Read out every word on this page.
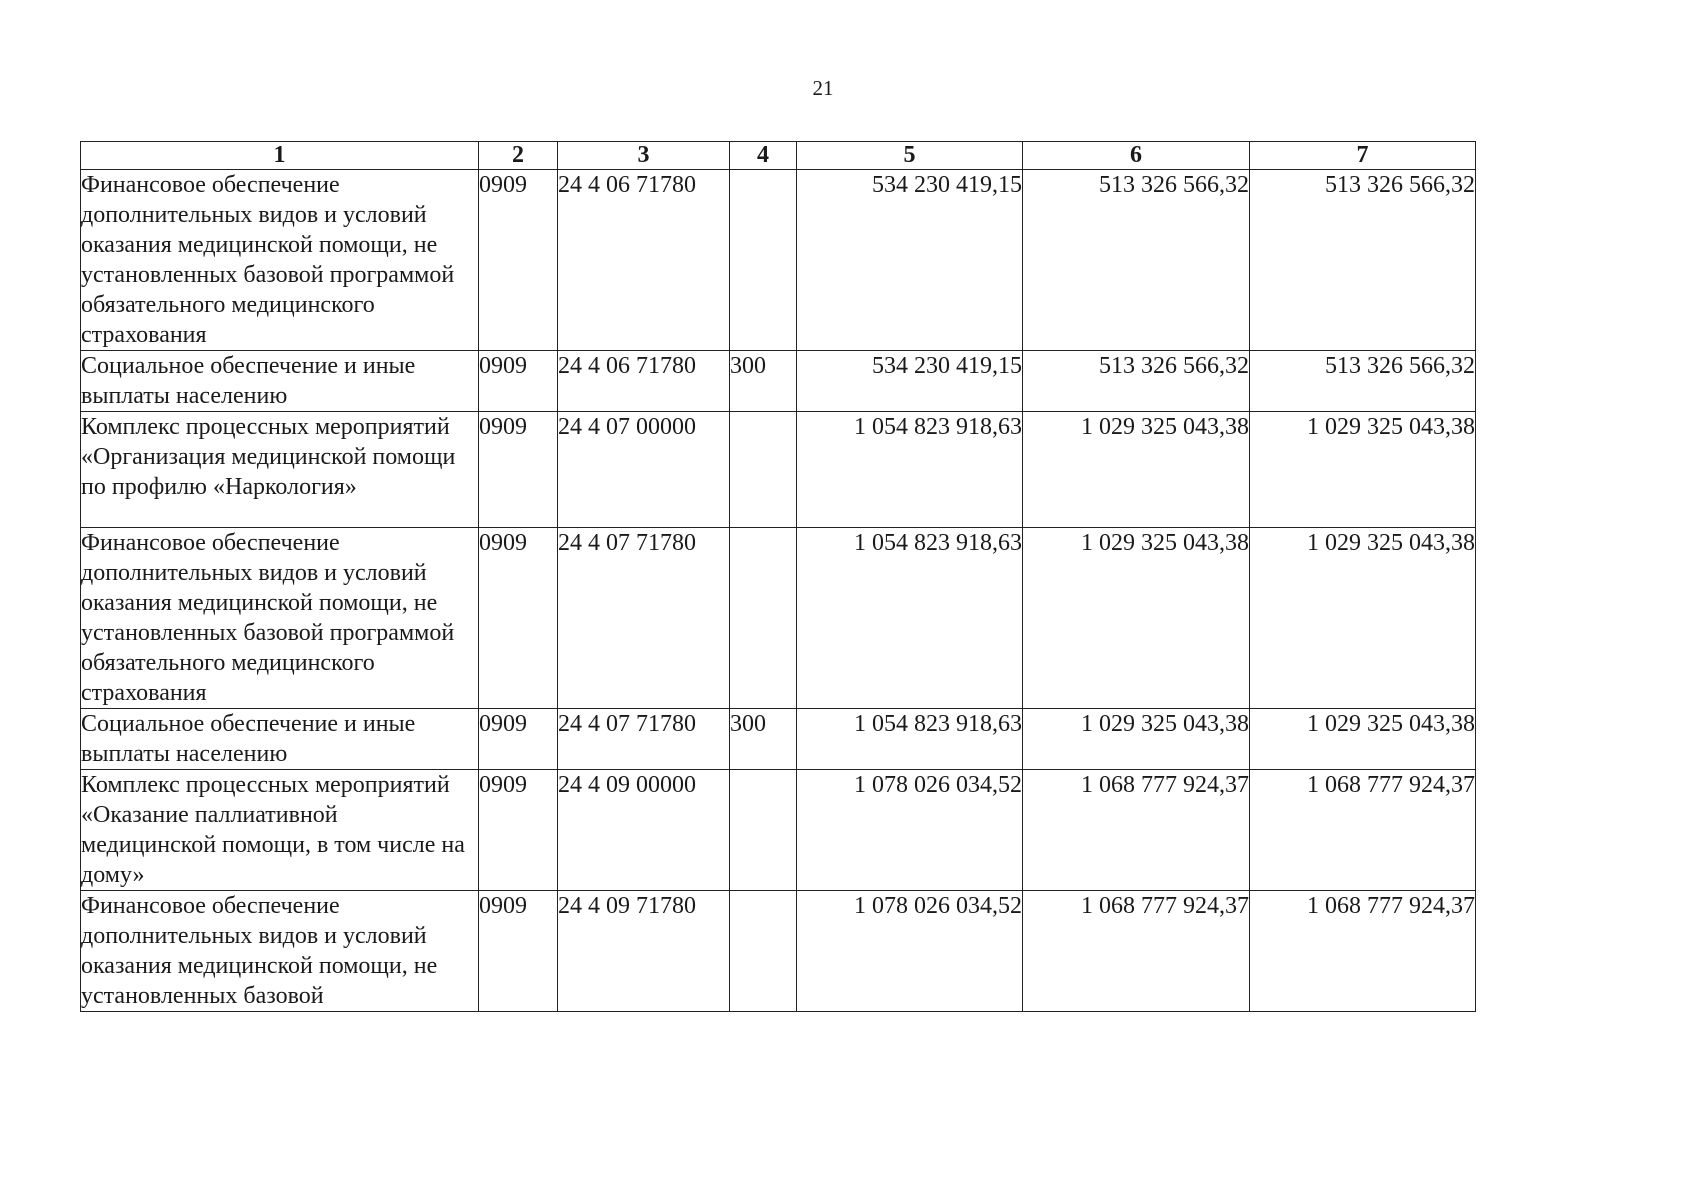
21
1	2	3	4	5	6	7
Финансовое обеспечение дополнительных видов и условий оказания медицинской помощи, не установленных базовой программой обязательного медицинского страхования	0909	24 4 06 71780		534 230 419,15	513 326 566,32	513 326 566,32
Социальное обеспечение и иные выплаты населению	0909	24 4 06 71780	300	534 230 419,15	513 326 566,32	513 326 566,32
Комплекс процессных мероприятий «Организация медицинской помощи по профилю «Наркология»	0909	24 4 07 00000		1 054 823 918,63	1 029 325 043,38	1 029 325 043,38
Финансовое обеспечение дополнительных видов и условий оказания медицинской помощи, не установленных базовой программой обязательного медицинского страхования	0909	24 4 07 71780		1 054 823 918,63	1 029 325 043,38	1 029 325 043,38
Социальное обеспечение и иные выплаты населению	0909	24 4 07 71780	300	1 054 823 918,63	1 029 325 043,38	1 029 325 043,38
Комплекс процессных мероприятий «Оказание паллиативной медицинской помощи, в том числе на дому»	0909	24 4 09 00000		1 078 026 034,52	1 068 777 924,37	1 068 777 924,37
Финансовое обеспечение дополнительных видов и условий оказания медицинской помощи, не установленных базовой	0909	24 4 09 71780		1 078 026 034,52	1 068 777 924,37	1 068 777 924,37
